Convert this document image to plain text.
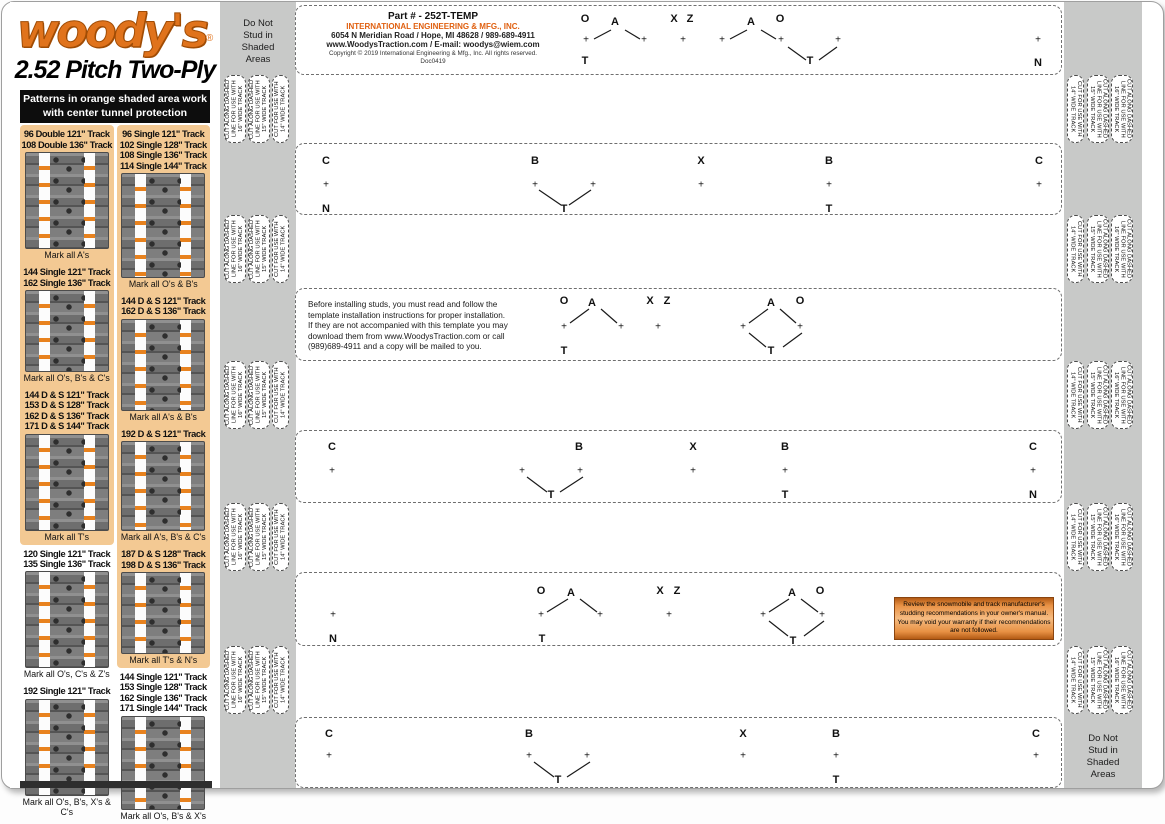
woody's®
2.52 Pitch Two-Ply
Patterns in orange shaded area work
with center tunnel protection
96 Double 121" Track
108 Double 136" Track
Mark all A's
144 Single 121" Track
162 Single 136" Track
Mark all O's, B's & C's
144 D & S 121" Track
153 D & S 128" Track
162 D & S 136" Track
171 D & S 144" Track
Mark all T's
120 Single 121" Track
135 Single 136" Track
Mark all O's, C's & Z's
192 Single 121" Track
Mark all O's, B's, X's & C's
96 Single 121" Track
102 Single 128" Track
108 Single 136" Track
114 Single 144" Track
Mark all O's & B's
144 D & S 121" Track
162 D & S 136" Track
Mark all A's & B's
192 D & S 121" Track
Mark all A's, B's & C's
187 D & S 128" Track
198 D & S 136" Track
Mark all T's & N's
144 Single 121" Track
153 Single 128" Track
162 Single 136" Track
171 Single 144" Track
Mark all O's, B's & X's
Do Not
Stud in
Shaded
Areas
CUT ALONG DASHED LINE FOR USE WITH 16" WIDE TRACK CUT ALONG DASHED LINE FOR USE WITH 15" WIDE TRACK CUT FOR USE WITH 14" WIDE TRACK
CUT ALONG DASHED LINE FOR USE WITH 16" WIDE TRACK CUT ALONG DASHED LINE FOR USE WITH 15" WIDE TRACK CUT FOR USE WITH 14" WIDE TRACK
CUT ALONG DASHED LINE FOR USE WITH 16" WIDE TRACK CUT ALONG DASHED LINE FOR USE WITH 15" WIDE TRACK CUT FOR USE WITH 14" WIDE TRACK
CUT ALONG DASHED LINE FOR USE WITH 16" WIDE TRACK CUT ALONG DASHED LINE FOR USE WITH 15" WIDE TRACK CUT FOR USE WITH 14" WIDE TRACK
CUT ALONG DASHED LINE FOR USE WITH 16" WIDE TRACK CUT ALONG DASHED LINE FOR USE WITH 15" WIDE TRACK CUT FOR USE WITH 14" WIDE TRACK
Do Not
Stud in
Shaded
Areas
CUT FOR USE WITH 14" WIDE TRACK	CUT ALONG DASHED LINE FOR USE WITH 15" WIDE TRACK	CUT ALONG DASHED LINE FOR USE WITH 16" WIDE TRACK
CUT FOR USE WITH 14" WIDE TRACK	CUT ALONG DASHED LINE FOR USE WITH 15" WIDE TRACK	CUT ALONG DASHED LINE FOR USE WITH 16" WIDE TRACK
CUT FOR USE WITH 14" WIDE TRACK	CUT ALONG DASHED LINE FOR USE WITH 15" WIDE TRACK	CUT ALONG DASHED LINE FOR USE WITH 16" WIDE TRACK
CUT FOR USE WITH 14" WIDE TRACK	CUT ALONG DASHED LINE FOR USE WITH 15" WIDE TRACK	CUT ALONG DASHED LINE FOR USE WITH 16" WIDE TRACK
CUT FOR USE WITH 14" WIDE TRACK	CUT ALONG DASHED LINE FOR USE WITH 15" WIDE TRACK	CUT ALONG DASHED LINE FOR USE WITH 16" WIDE TRACK
O A	X Z	A O
T	T	N
+	+	+	+	+	+	+
C	B	X	B	C
N	T	T
+	+	+	+	+	+
O A	X Z	A O
T	T
+	+	+	+	+
Before installing studs, you must read and follow the
template installation instructions for proper installation.
If they are not accompanied with this template you may
download them from www.WoodysTraction.com or call
(989)689-4911 and a copy will be mailed to you.
C	B	X	B	C
T	T	N
+	+	+	+	+	+
N
O A	X Z	A O
T	T
+	+	+	+	+	+
Review the snowmobile and track manufacturer's
studding recommendations in your owner's manual.
You may void your warranty if their recommendations
are not followed.
C	B	X	B	C
T	T
+	+	+	+	+	+
Part # - 252T-TEMP
INTERNATIONAL ENGINEERING & MFG., INC.
6054 N Meridian Road / Hope, MI 48628 / 989-689-4911
www.WoodysTraction.com / E-mail: woodys@wiem.com
Copyright © 2019 International Engineering & Mfg., Inc. All rights reserved.
Doc0419
